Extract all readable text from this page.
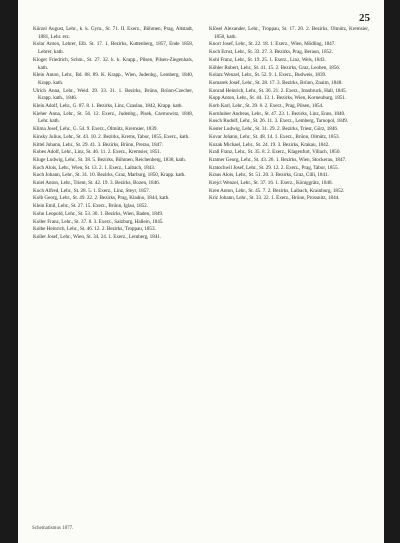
25

Kürzel August, Lehr., k. k. Gym., St. 71. II. Exerz., Böhmen, Prag, Altstadt, 1881, Lehr. erz.

Kolar Anton, Lehrer, Elb. St. 17. 1. Bezirks, Kuttenberg, 1857, Ende 1858, Lehrer, kath.

Kloger Friedrich, Schm., St. 27. 32. k. k. Krapp., Pilsen, Pilsen-Ziegenhals, kath.

Klein Anton, Lehr., Bd. 88. 89. K. Krapp., Wien, Judenbg., Lemberg, 1840, Krapp. kath.

Ulrich Anna, Lehr., Weid. 29. 33. 31. 1. Bezirks, Brünn, Brünn-Czecher, Krapp. kath., 1846.

Klein Adolf, Lehr., G. 87. 8. 1. Bezirks, Linz, Czaslau, 1842, Krapp. kath.

Kieher Anna, Lehr., St. 56. 12. Exerz., Judenbg., Pisek, Czernowitz, 1848, Lehr. kath.

Klima Josef, Lehr., G. 54. 9. Exerz., Olmütz, Kremsier, 1839.

Kinsky Julius, Lehr., St. 43. 10. 2. Bezirks, Krems, Tabor, 1855, Exerz., kath.

Kittel Johann, Lehr., St. 29. 41. 3. Bezirks, Brünn, Prerau, 1847.

Kobes Adolf, Lehr., Linz, St. 46. 11. 2. Exerz., Kremsier, 1851.

Kluge Ludwig, Lehr., St. 38. 5. Bezirks, Böhmen, Reichenberg, 1838, kath.

Koch Alois, Lehr., Wien, St. 13. 2. 1. Exerz., Laibach, 1843.

Koch Johann, Lehr., St. 31. 10. Bezirks, Graz, Marburg, 1850, Krapp. kath.

Kniel Anton, Lehr., Trient, St. 42. 19. 3. Bezirks, Bozen, 1846.

Koch Alfred, Lehr., St. 28. 5. 1. Exerz., Linz, Steyr, 1857.

Kolb Georg, Lehr., St. 49. 22. 2. Bezirks, Prag, Kladno, 1844, kath.

Klein Emil, Lehr., St. 27. 15. Exerz., Brünn, Iglau, 1852.

Kohn Leopold, Lehr., St. 53. 30. 1. Bezirks, Wien, Baden, 1849.

Koller Franz, Lehr., St. 37. 8. 3. Exerz., Salzburg, Hallein, 1845.

Kolbe Heinrich, Lehr., St. 46. 12. 2. Bezirks, Troppau, 1853.

Koller Josef, Lehr., Wien, St. 34. 24. 1. Exerz., Lemberg, 1841.

Klösel Alexander, Lehr., Troppau, St. 17. 20. 2. Bezirks, Olmütz, Kremsier, 1850, kath.

Knorr Josef, Lehr., St. 22. 18. 1. Exerz., Wien, Mödling, 1847.

Koch Ernst, Lehr., St. 33. 27. 3. Bezirks, Prag, Beraun, 1852.

Kohl Franz, Lehr., St. 19. 25. 1. Exerz., Linz, Wels, 1843.

Köhler Robert, Lehr., St. 41. 15. 2. Bezirks, Graz, Leoben, 1856.

Kolarz Wenzel, Lehr., St. 52. 9. 1. Exerz., Budweis, 1839.

Komarek Josef, Lehr., St. 28. 17. 3. Bezirks, Brünn, Znaim, 1848.

Konrad Heinrich, Lehr., St. 36. 21. 2. Exerz., Innsbruck, Hall, 1845.

Kopp Anton, Lehr., St. 44. 13. 1. Bezirks, Wien, Korneuburg, 1851.

Korb Karl, Lehr., St. 39. 6. 2. Exerz., Prag, Pilsen, 1854.

Kornhuber Andreas, Lehr., St. 47. 23. 1. Bezirks, Linz, Enns, 1840.

Kosch Rudolf, Lehr., St. 26. 11. 3. Exerz., Lemberg, Tarnopol, 1849.

Koster Ludwig, Lehr., St. 31. 29. 2. Bezirks, Triest, Görz, 1846.

Kovar Johann, Lehr., St. 48. 14. 1. Exerz., Brünn, Olmütz, 1853.

Kozak Michael, Lehr., St. 24. 19. 3. Bezirks, Krakau, 1842.

Krall Franz, Lehr., St. 35. 8. 2. Exerz., Klagenfurt, Villach, 1850.

Kramer Georg, Lehr., St. 43. 26. 1. Bezirks, Wien, Stockerau, 1847.

Kratochwil Josef, Lehr., St. 29. 12. 2. Exerz., Prag, Tabor, 1855.

Kraus Alois, Lehr., St. 51. 20. 3. Bezirks, Graz, Cilli, 1841.

Krejci Wenzel, Lehr., St. 37. 16. 1. Exerz., Königgrätz, 1848.

Kren Anton, Lehr., St. 45. 7. 2. Bezirks, Laibach, Krainburg, 1852.

Kriz Johann, Lehr., St. 33. 22. 1. Exerz., Brünn, Prossnitz, 1844.

Schematismus 1877.
